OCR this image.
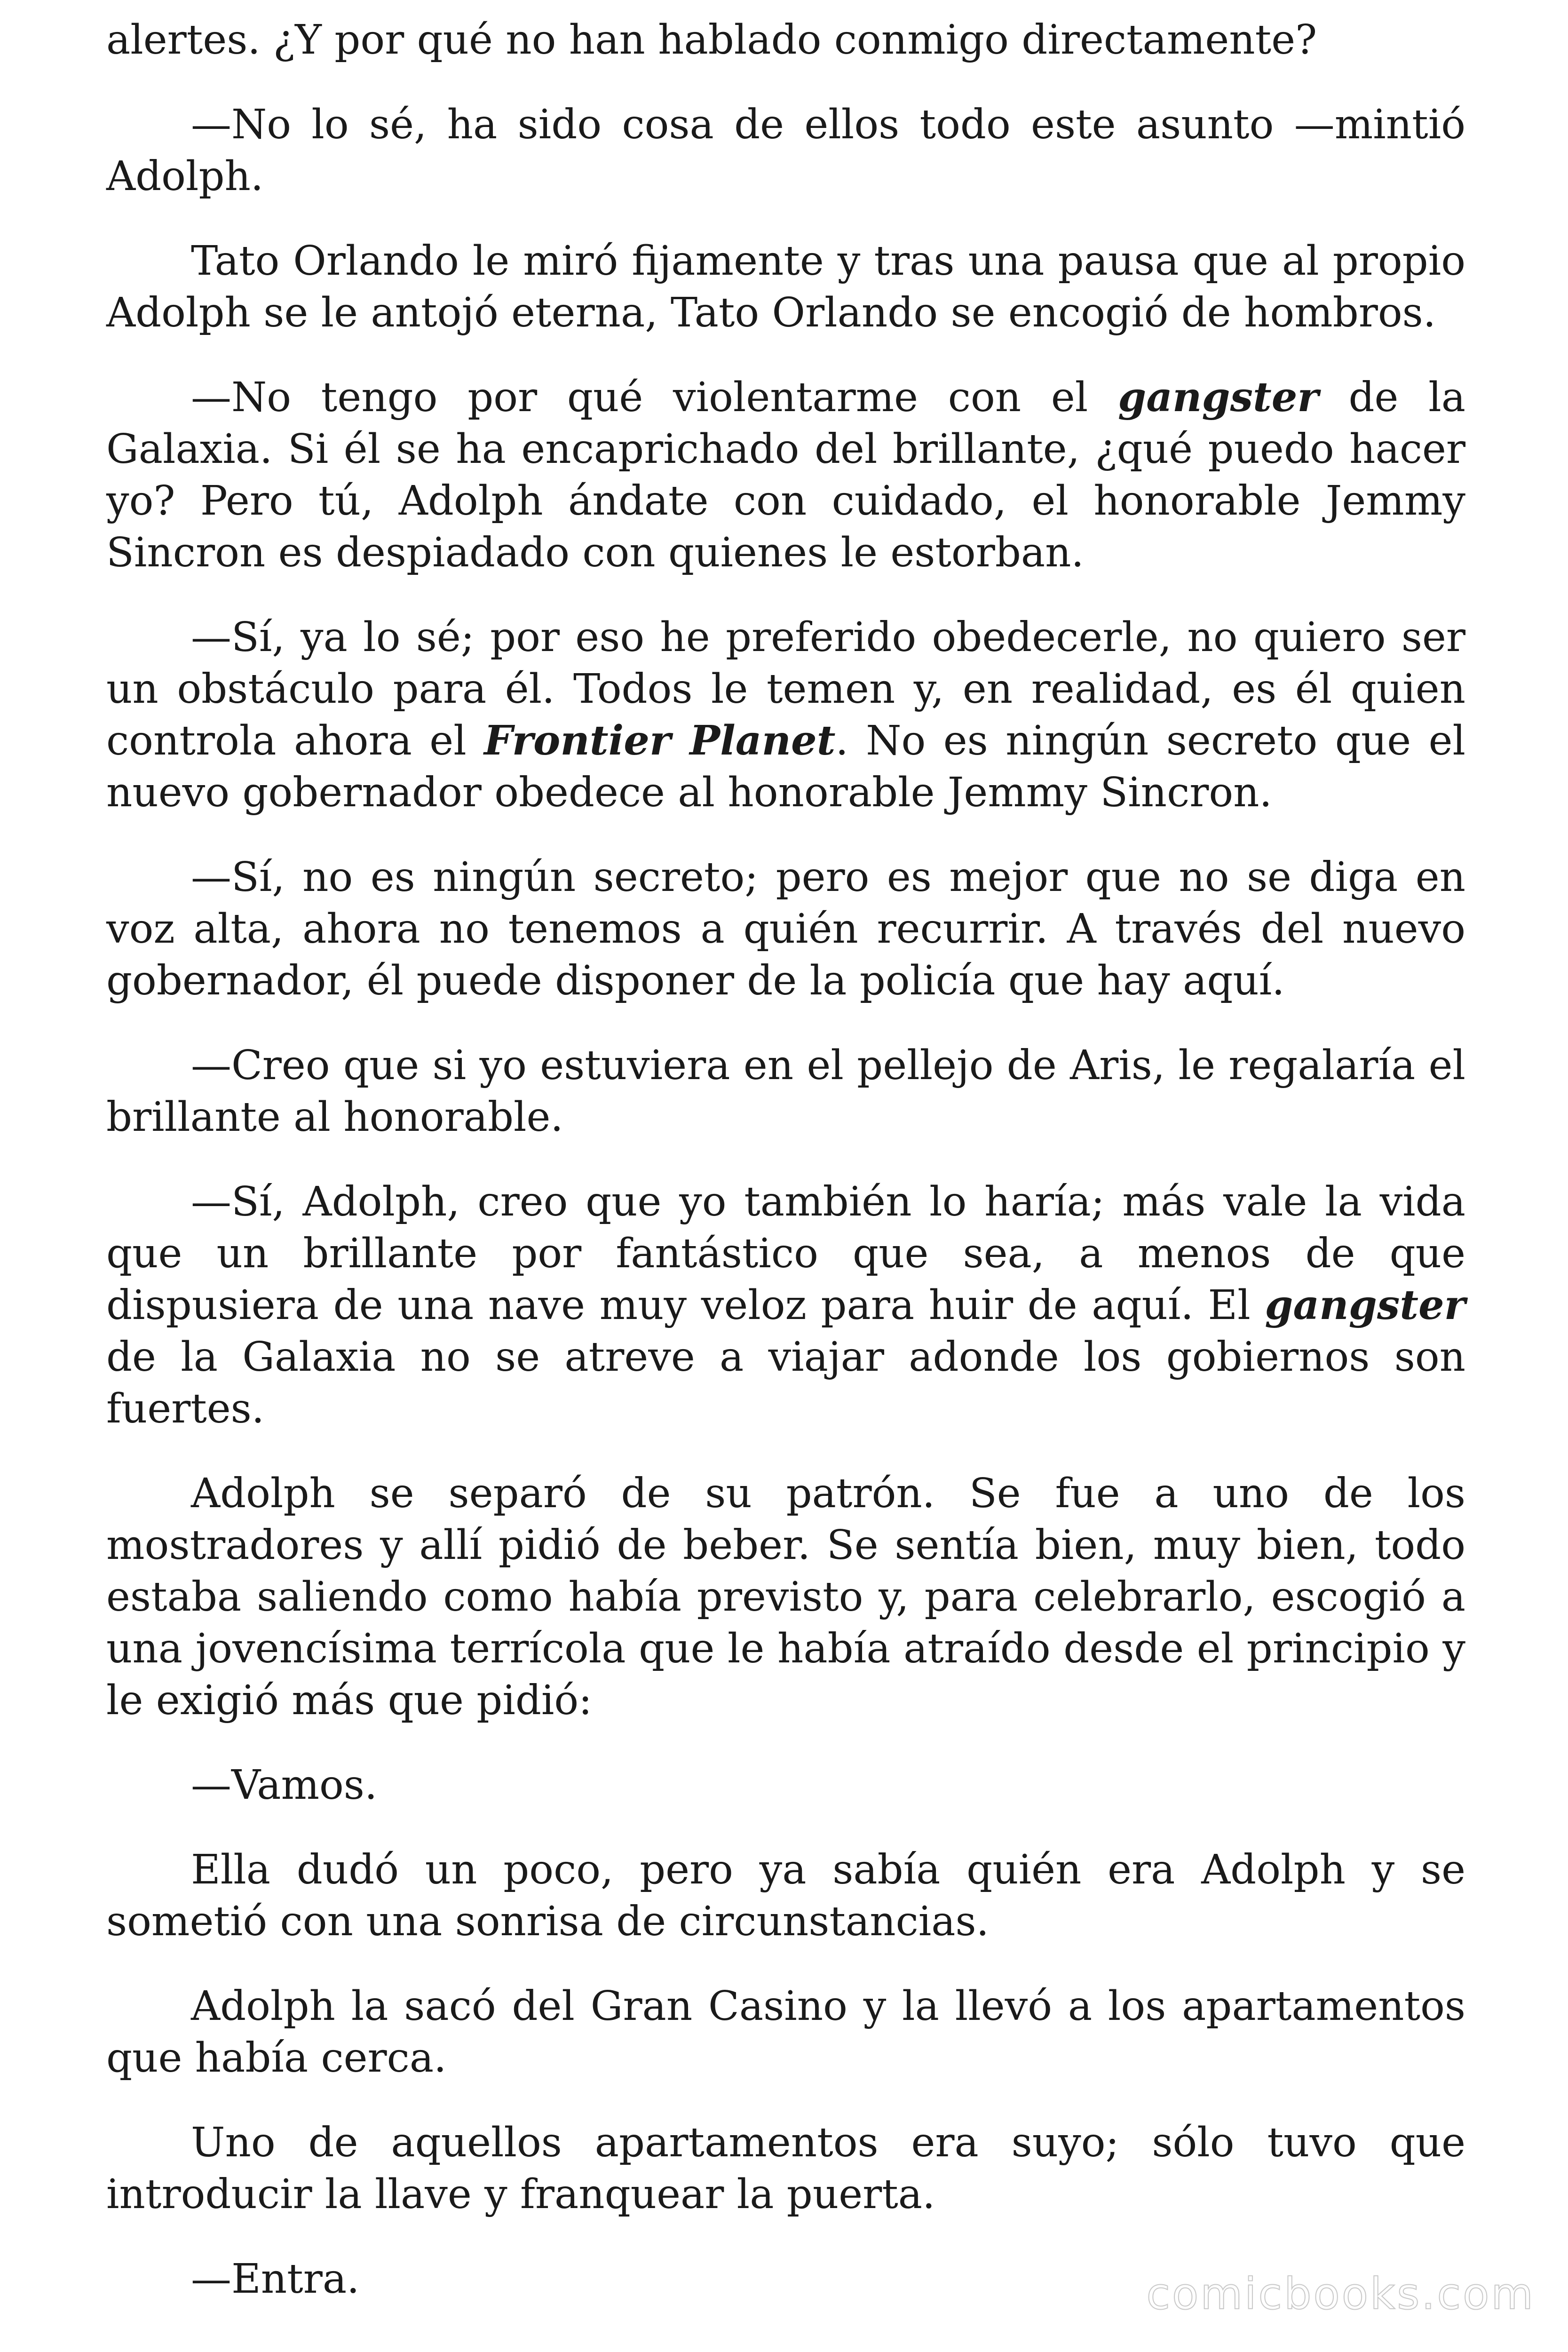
alertes. ¿Y por qué no han hablado conmigo directamente?

—No lo sé, ha sido cosa de ellos todo este asunto —mintió Adolph.

Tato Orlando le miró fijamente y tras una pausa que al propio Adolph se le antojó eterna, Tato Orlando se encogió de hombros.

—No tengo por qué violentarme con el gangster de la Galaxia. Si él se ha encaprichado del brillante, ¿qué puedo hacer yo? Pero tú, Adolph ándate con cuidado, el honorable Jemmy Sincron es despiadado con quienes le estorban.

—Sí, ya lo sé; por eso he preferido obedecerle, no quiero ser un obstáculo para él. Todos le temen y, en realidad, es él quien controla ahora el Frontier Planet. No es ningún secreto que el nuevo gobernador obedece al honorable Jemmy Sincron.

—Sí, no es ningún secreto; pero es mejor que no se diga en voz alta, ahora no tenemos a quién recurrir. A través del nuevo gobernador, él puede disponer de la policía que hay aquí.

—Creo que si yo estuviera en el pellejo de Aris, le regalaría el brillante al honorable.

—Sí, Adolph, creo que yo también lo haría; más vale la vida que un brillante por fantástico que sea, a menos de que dispusiera de una nave muy veloz para huir de aquí. El gangster de la Galaxia no se atreve a viajar adonde los gobiernos son fuertes.

Adolph se separó de su patrón. Se fue a uno de los mostradores y allí pidió de beber. Se sentía bien, muy bien, todo estaba saliendo como había previsto y, para celebrarlo, escogió a una jovencísima terrícola que le había atraído desde el principio y le exigió más que pidió:

—Vamos.

Ella dudó un poco, pero ya sabía quién era Adolph y se sometió con una sonrisa de circunstancias.

Adolph la sacó del Gran Casino y la llevó a los apartamentos que había cerca.

Uno de aquellos apartamentos era suyo; sólo tuvo que introducir la llave y franquear la puerta.

—Entra.	comicbooks.com
